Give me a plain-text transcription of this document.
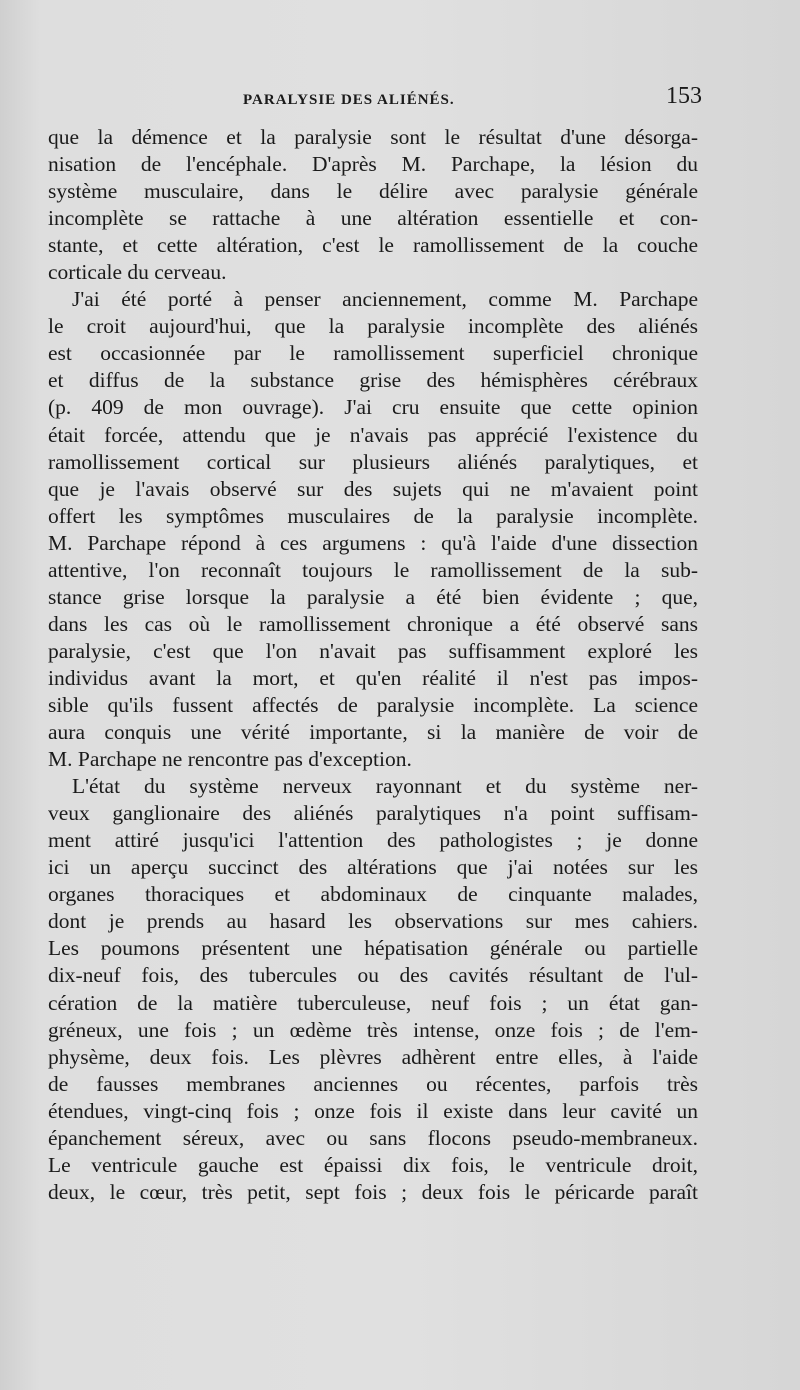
PARALYSIE DES ALIÉNÉS.	153
que la démence et la paralysie sont le résultat d'une désorga-
nisation de l'encéphale. D'après M. Parchape, la lésion du
système musculaire, dans le délire avec paralysie générale
incomplète se rattache à une altération essentielle et con-
stante, et cette altération, c'est le ramollissement de la couche
corticale du cerveau.
J'ai été porté à penser anciennement, comme M. Parchape
le croit aujourd'hui, que la paralysie incomplète des aliénés
est occasionnée par le ramollissement superficiel chronique
et diffus de la substance grise des hémisphères cérébraux
(p. 409 de mon ouvrage). J'ai cru ensuite que cette opinion
était forcée, attendu que je n'avais pas apprécié l'existence du
ramollissement cortical sur plusieurs aliénés paralytiques, et
que je l'avais observé sur des sujets qui ne m'avaient point
offert les symptômes musculaires de la paralysie incomplète.
M. Parchape répond à ces argumens : qu'à l'aide d'une dissection
attentive, l'on reconnaît toujours le ramollissement de la sub-
stance grise lorsque la paralysie a été bien évidente ; que,
dans les cas où le ramollissement chronique a été observé sans
paralysie, c'est que l'on n'avait pas suffisamment exploré les
individus avant la mort, et qu'en réalité il n'est pas impos-
sible qu'ils fussent affectés de paralysie incomplète. La science
aura conquis une vérité importante, si la manière de voir de
M. Parchape ne rencontre pas d'exception.
L'état du système nerveux rayonnant et du système ner-
veux ganglionaire des aliénés paralytiques n'a point suffisam-
ment attiré jusqu'ici l'attention des pathologistes ; je donne
ici un aperçu succinct des altérations que j'ai notées sur les
organes thoraciques et abdominaux de cinquante malades,
dont je prends au hasard les observations sur mes cahiers.
Les poumons présentent une hépatisation générale ou partielle
dix-neuf fois, des tubercules ou des cavités résultant de l'ul-
cération de la matière tuberculeuse, neuf fois ; un état gan-
gréneux, une fois ; un œdème très intense, onze fois ; de l'em-
physème, deux fois. Les plèvres adhèrent entre elles, à l'aide
de fausses membranes anciennes ou récentes, parfois très
étendues, vingt-cinq fois ; onze fois il existe dans leur cavité un
épanchement séreux, avec ou sans flocons pseudo-membraneux.
Le ventricule gauche est épaissi dix fois, le ventricule droit,
deux, le cœur, très petit, sept fois ; deux fois le péricarde paraît
